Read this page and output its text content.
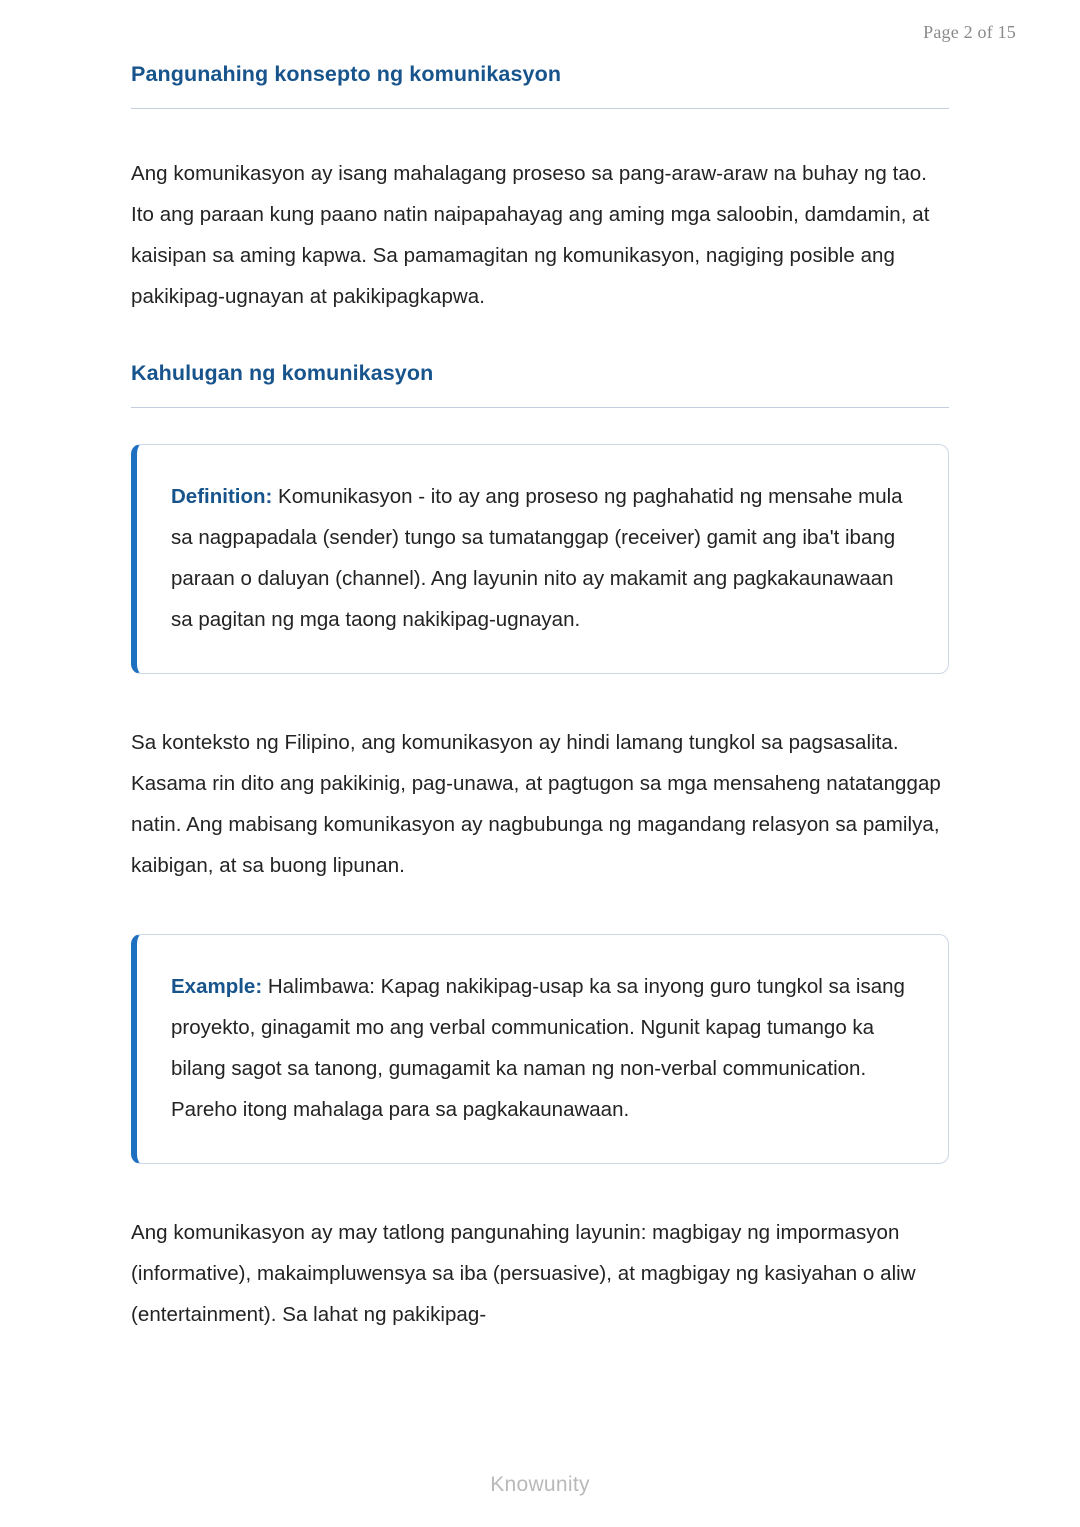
Page 2 of 15
Pangunahing konsepto ng komunikasyon

Ang komunikasyon ay isang mahalagang proseso sa pang-araw-araw na buhay ng tao. Ito ang paraan kung paano natin naipapahayag ang aming mga saloobin, damdamin, at kaisipan sa aming kapwa. Sa pamamagitan ng komunikasyon, nagiging posible ang pakikipag-ugnayan at pakikipagkapwa.

Kahulugan ng komunikasyon

Definition: Komunikasyon - ito ay ang proseso ng paghahatid ng mensahe mula sa nagpapadala (sender) tungo sa tumatanggap (receiver) gamit ang iba't ibang paraan o daluyan (channel). Ang layunin nito ay makamit ang pagkakaunawaan sa pagitan ng mga taong nakikipag-ugnayan.

Sa konteksto ng Filipino, ang komunikasyon ay hindi lamang tungkol sa pagsasalita. Kasama rin dito ang pakikinig, pag-unawa, at pagtugon sa mga mensaheng natatanggap natin. Ang mabisang komunikasyon ay nagbubunga ng magandang relasyon sa pamilya, kaibigan, at sa buong lipunan.

Example: Halimbawa: Kapag nakikipag-usap ka sa inyong guro tungkol sa isang proyekto, ginagamit mo ang verbal communication. Ngunit kapag tumango ka bilang sagot sa tanong, gumagamit ka naman ng non-verbal communication. Pareho itong mahalaga para sa pagkakaunawaan.

Ang komunikasyon ay may tatlong pangunahing layunin: magbigay ng impormasyon (informative), makaimpluwensya sa iba (persuasive), at magbigay ng kasiyahan o aliw (entertainment). Sa lahat ng pakikipag-

Knowunity
